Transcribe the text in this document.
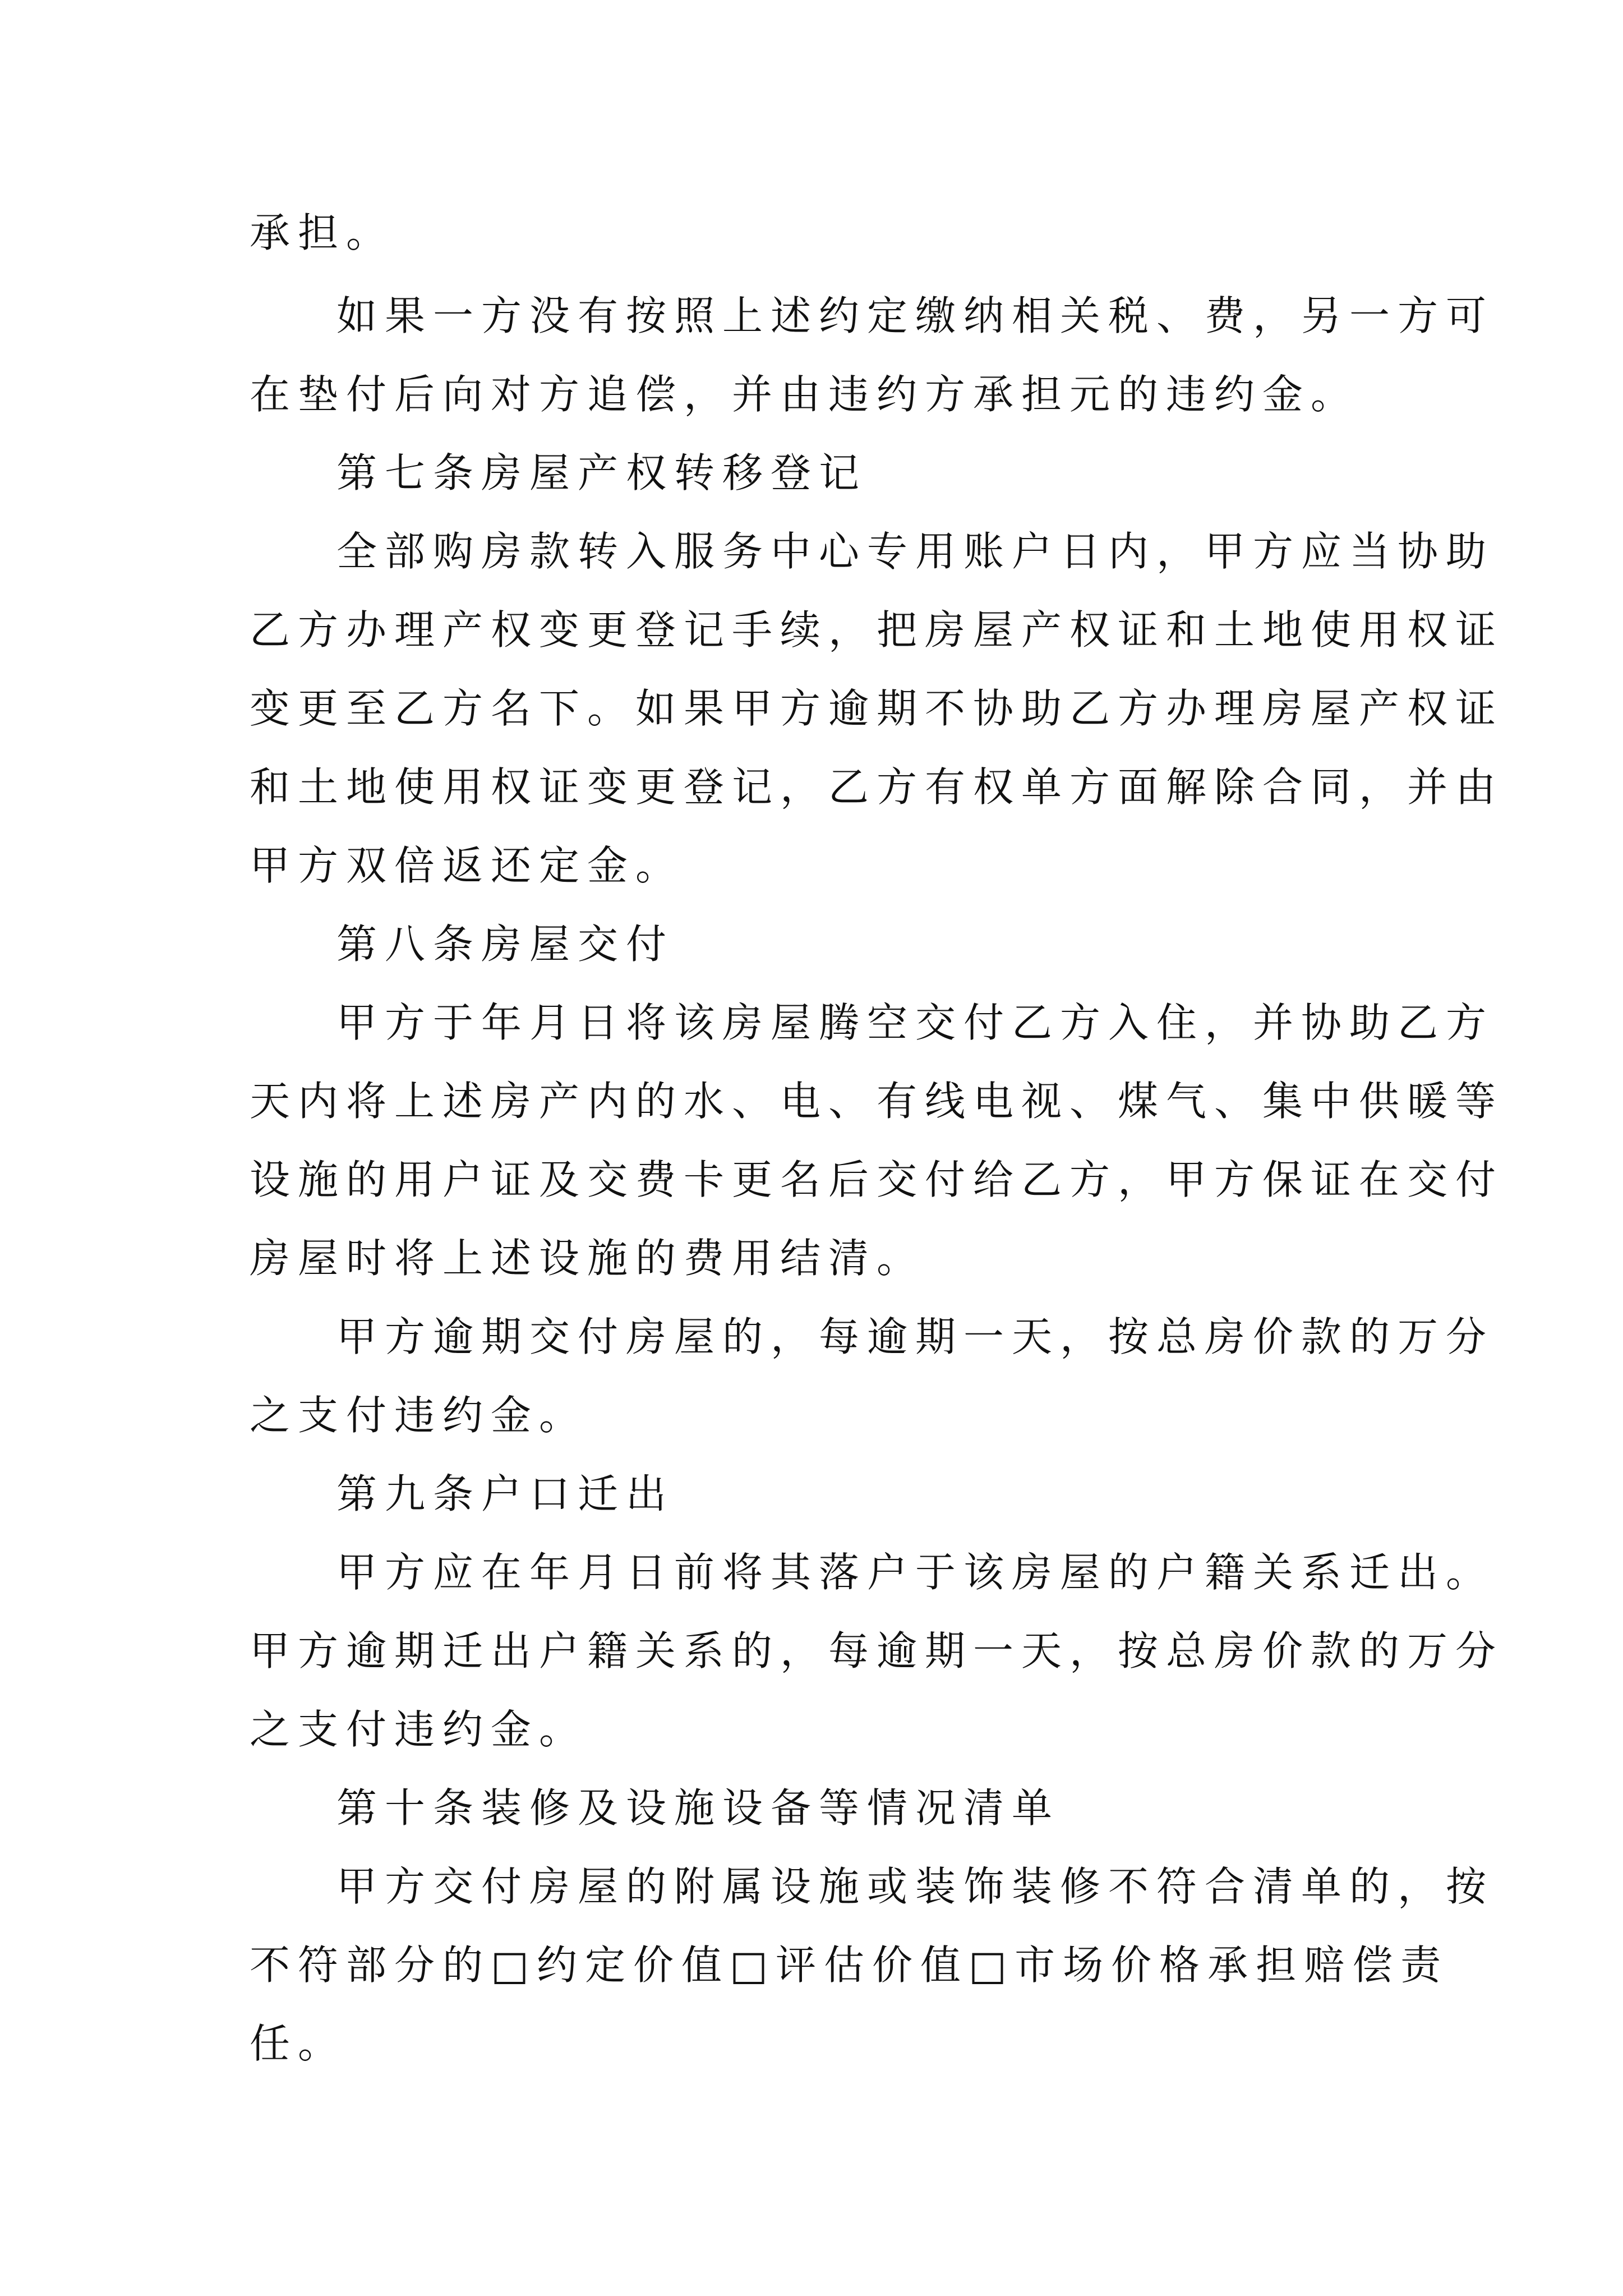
承担。

如果一方没有按照上述约定缴纳相关税、费，另一方可

在垫付后向对方追偿，并由违约方承担元的违约金。

第七条房屋产权转移登记

全部购房款转入服务中心专用账户日内，甲方应当协助

乙方办理产权变更登记手续，把房屋产权证和土地使用权证

变更至乙方名下。如果甲方逾期不协助乙方办理房屋产权证

和土地使用权证变更登记，乙方有权单方面解除合同，并由

甲方双倍返还定金。

第八条房屋交付

甲方于年月日将该房屋腾空交付乙方入住，并协助乙方

天内将上述房产内的水、电、有线电视、煤气、集中供暖等

设施的用户证及交费卡更名后交付给乙方，甲方保证在交付

房屋时将上述设施的费用结清。

甲方逾期交付房屋的，每逾期一天，按总房价款的万分

之支付违约金。

第九条户口迁出

甲方应在年月日前将其落户于该房屋的户籍关系迁出。

甲方逾期迁出户籍关系的，每逾期一天，按总房价款的万分

之支付违约金。

第十条装修及设施设备等情况清单

甲方交付房屋的附属设施或装饰装修不符合清单的，按

不符部分的□约定价值□评估价值□市场价格承担赔偿责

任。
